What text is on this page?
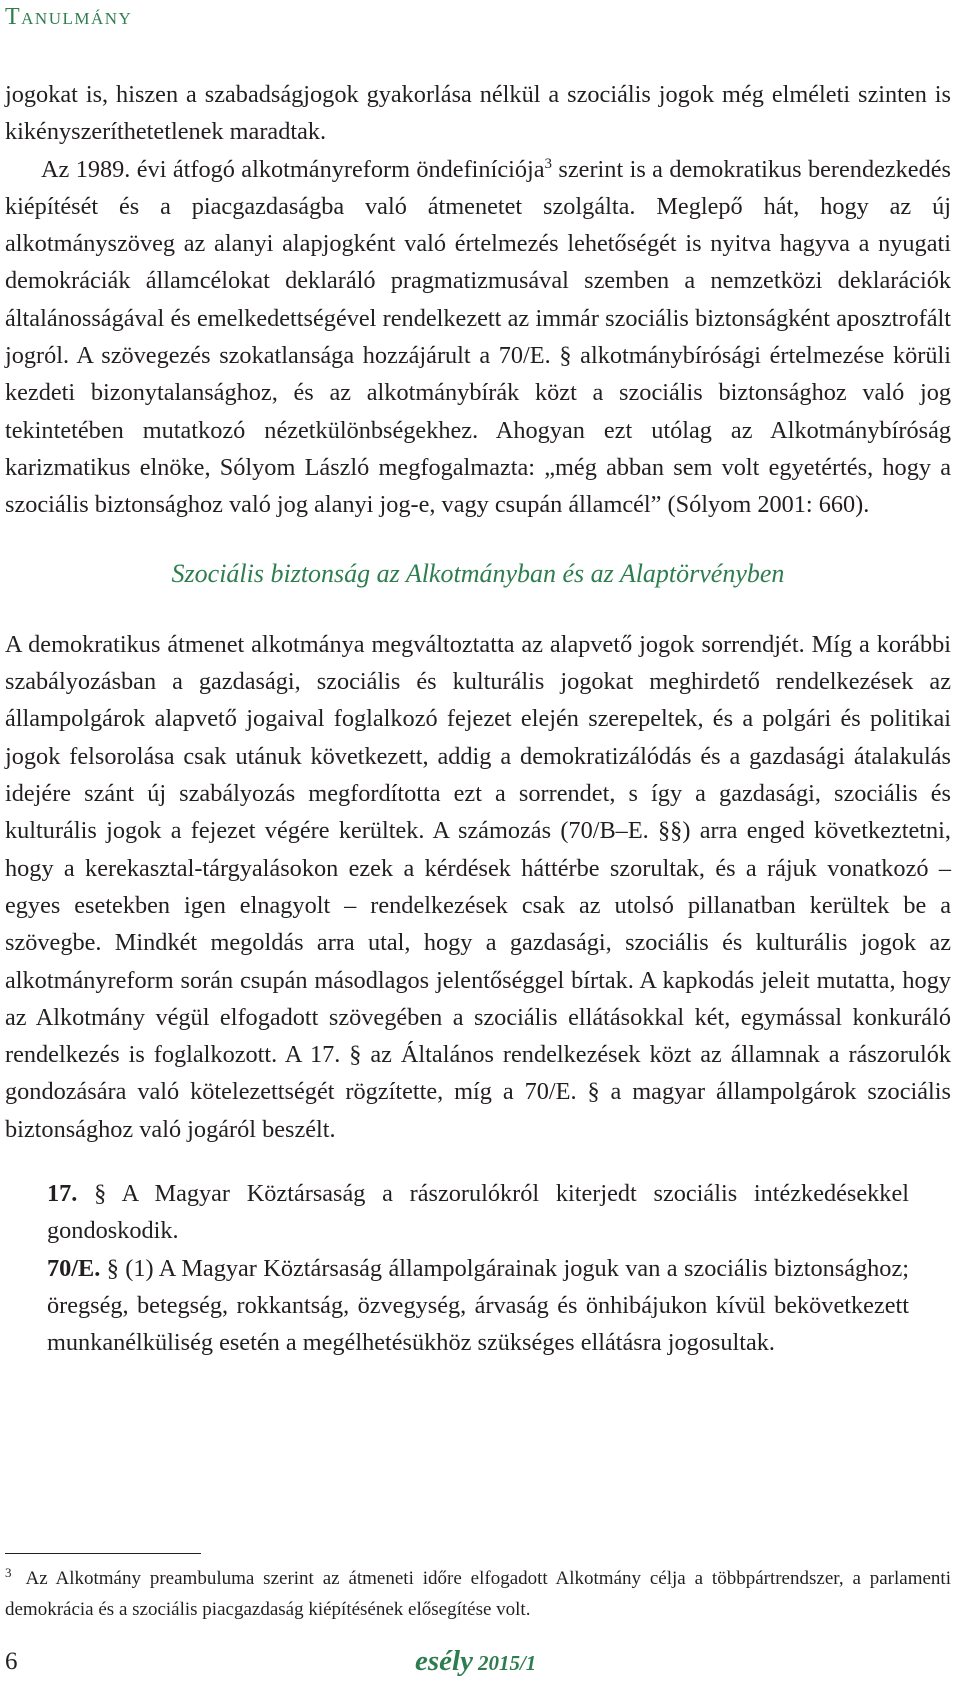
Tanulmány

jogokat is, hiszen a szabadságjogok gyakorlása nélkül a szociális jogok még elméleti szinten is kikényszeríthetetlenek maradtak.

Az 1989. évi átfogó alkotmányreform öndefiníciója$^3$ szerint is a demokratikus berendezkedés kiépítését és a piacgazdaságba való átmenetet szolgálta. Meglepő hát, hogy az új alkotmányszöveg az alanyi alapjogként való értelmezés lehetőségét is nyitva hagyva a nyugati demokráciák államcélokat deklaráló pragmatizmusával szemben a nemzetközi deklarációk általánosságával és emelkedettségével rendelkezett az immár szociális biztonságként aposztrofált jogról. A szövegezés szokatlansága hozzájárult a 70/E. § alkotmánybírósági értelmezése körüli kezdeti bizonytalansághoz, és az alkotmánybírák közt a szociális biztonsághoz való jog tekintetében mutatkozó nézetkülönbségekhez. Ahogyan ezt utólag az Alkotmánybíróság karizmatikus elnöke, Sólyom László megfogalmazta: „még abban sem volt egyetértés, hogy a szociális biztonsághoz való jog alanyi jog-e, vagy csupán államcél” (Sólyom 2001: 660).

Szociális biztonság az Alkotmányban és az Alaptörvényben

A demokratikus átmenet alkotmánya megváltoztatta az alapvető jogok sorrendjét. Míg a korábbi szabályozásban a gazdasági, szociális és kulturális jogokat meghirdető rendelkezések az állampolgárok alapvető jogaival foglalkozó fejezet elején szerepeltek, és a polgári és politikai jogok felsorolása csak utánuk következett, addig a demokratizálódás és a gazdasági átalakulás idejére szánt új szabályozás megfordította ezt a sorrendet, s így a gazdasági, szociális és kulturális jogok a fejezet végére kerültek. A számozás (70/B–E. §§) arra enged következtetni, hogy a kerekasztal-tárgyalásokon ezek a kérdések háttérbe szorultak, és a rájuk vonatkozó – egyes esetekben igen elnagyolt – rendelkezések csak az utolsó pillanatban kerültek be a szövegbe. Mindkét megoldás arra utal, hogy a gazdasági, szociális és kulturális jogok az alkotmányreform során csupán másodlagos jelentőséggel bírtak. A kapkodás jeleit mutatta, hogy az Alkotmány végül elfogadott szövegében a szociális ellátásokkal két, egymással konkuráló rendelkezés is foglalkozott. A 17. § az Általános rendelkezések közt az államnak a rászorulók gondozására való kötelezettségét rögzítette, míg a 70/E. § a magyar állampolgárok szociális biztonsághoz való jogáról beszélt.

17. § A Magyar Köztársaság a rászorulókról kiterjedt szociális intézkedésekkel gondoskodik.

70/E. § (1) A Magyar Köztársaság állampolgárainak joguk van a szociális biztonsághoz; öregség, betegség, rokkantság, özvegység, árvaság és önhibájukon kívül bekövetkezett munkanélküliség esetén a megélhetésükhöz szükséges ellátásra jogosultak.

$^3$ Az Alkotmány preambuluma szerint az átmeneti időre elfogadott Alkotmány célja a többpártrendszer, a parlamenti demokrácia és a szociális piacgazdaság kiépítésének elősegítése volt.
6	esély 2015/1
